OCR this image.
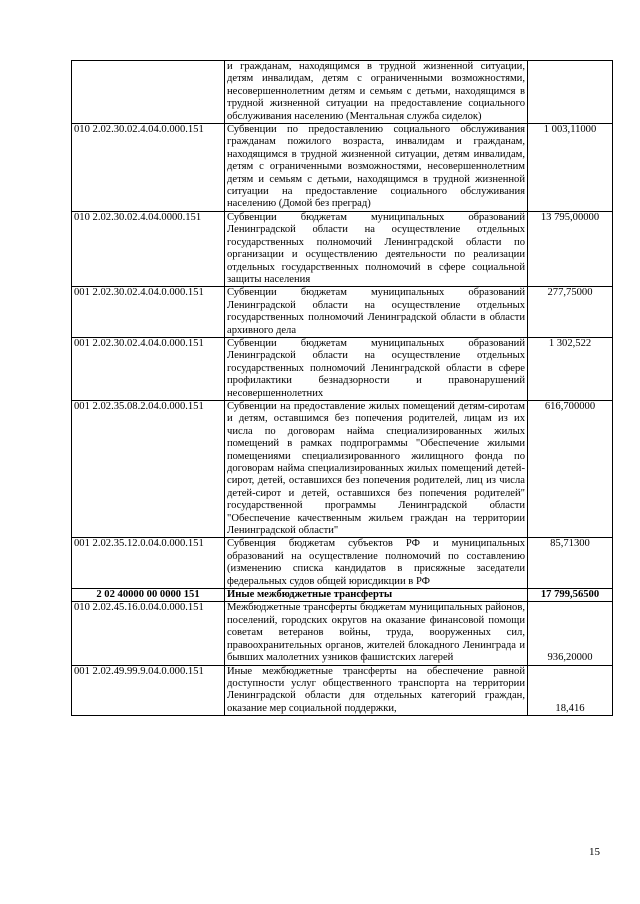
	и гражданам, находящимся в трудной жизненной ситуации, детям инвалидам, детям с ограниченными возможностями, несовершеннолетним детям и семьям с детьми, находящимся в трудной жизненной ситуации на предоставление социального обслуживания населению (Ментальная служба сиделок)	
010 2.02.30.02.4.04.0.000.151	Субвенции по предоставлению социального обслуживания гражданам пожилого возраста, инвалидам и гражданам, находящимся в трудной жизненной ситуации, детям инвалидам, детям с ограниченными возможностями, несовершеннолетним детям и семьям с детьми, находящимся в трудной жизненной ситуации на предоставление социального обслуживания населению (Домой без преград)	1 003,11000
010 2.02.30.02.4.04.0000.151	Субвенции бюджетам муниципальных образований Ленинградской области на осуществление отдельных государственных полномочий Ленинградской области по организации и осуществлению деятельности по реализации отдельных государственных полномочий в сфере социальной защиты населения	13 795,00000
001 2.02.30.02.4.04.0.000.151	Субвенции бюджетам муниципальных образований Ленинградской области на осуществление отдельных государственных полномочий Ленинградской области в области архивного дела	277,75000
001 2.02.30.02.4.04.0.000.151	Субвенции бюджетам муниципальных образований Ленинградской области на осуществление отдельных государственных полномочий Ленинградской области в сфере профилактики безнадзорности и правонарушений несовершеннолетних	1 302,522
001 2.02.35.08.2.04.0.000.151	Субвенции на предоставление жилых помещений детям-сиротам и детям, оставшимся без попечения родителей, лицам из их числа по договорам найма специализированных жилых помещений в рамках подпрограммы "Обеспечение жилыми помещениями специализированного жилищного фонда по договорам найма специализированных жилых помещений детей-сирот, детей, оставшихся без попечения родителей, лиц из числа детей-сирот и детей, оставшихся без попечения родителей" государственной программы Ленинградской области "Обеспечение качественным жильем граждан на территории Ленинградской области"	616,700000
001 2.02.35.12.0.04.0.000.151	Субвенция бюджетам субъектов РФ и муниципальных образований на осуществление полномочий по составлению (изменению списка кандидатов в присяжные заседатели федеральных судов общей юрисдикции в РФ	85,71300
2 02 40000 00 0000 151	Иные межбюджетные трансферты	17 799,56500
010 2.02.45.16.0.04.0.000.151	Межбюджетные трансферты бюджетам муниципальных районов, поселений, городских округов на оказание финансовой помощи советам ветеранов войны, труда, вооруженных сил, правоохранительных органов, жителей блокадного Ленинграда и бывших малолетних узников фашистских лагерей	936,20000
001 2.02.49.99.9.04.0.000.151	Иные межбюджетные трансферты на обеспечение равной доступности услуг общественного транспорта на территории Ленинградской области для отдельных категорий граждан, оказание мер социальной поддержки,	18,416
15
